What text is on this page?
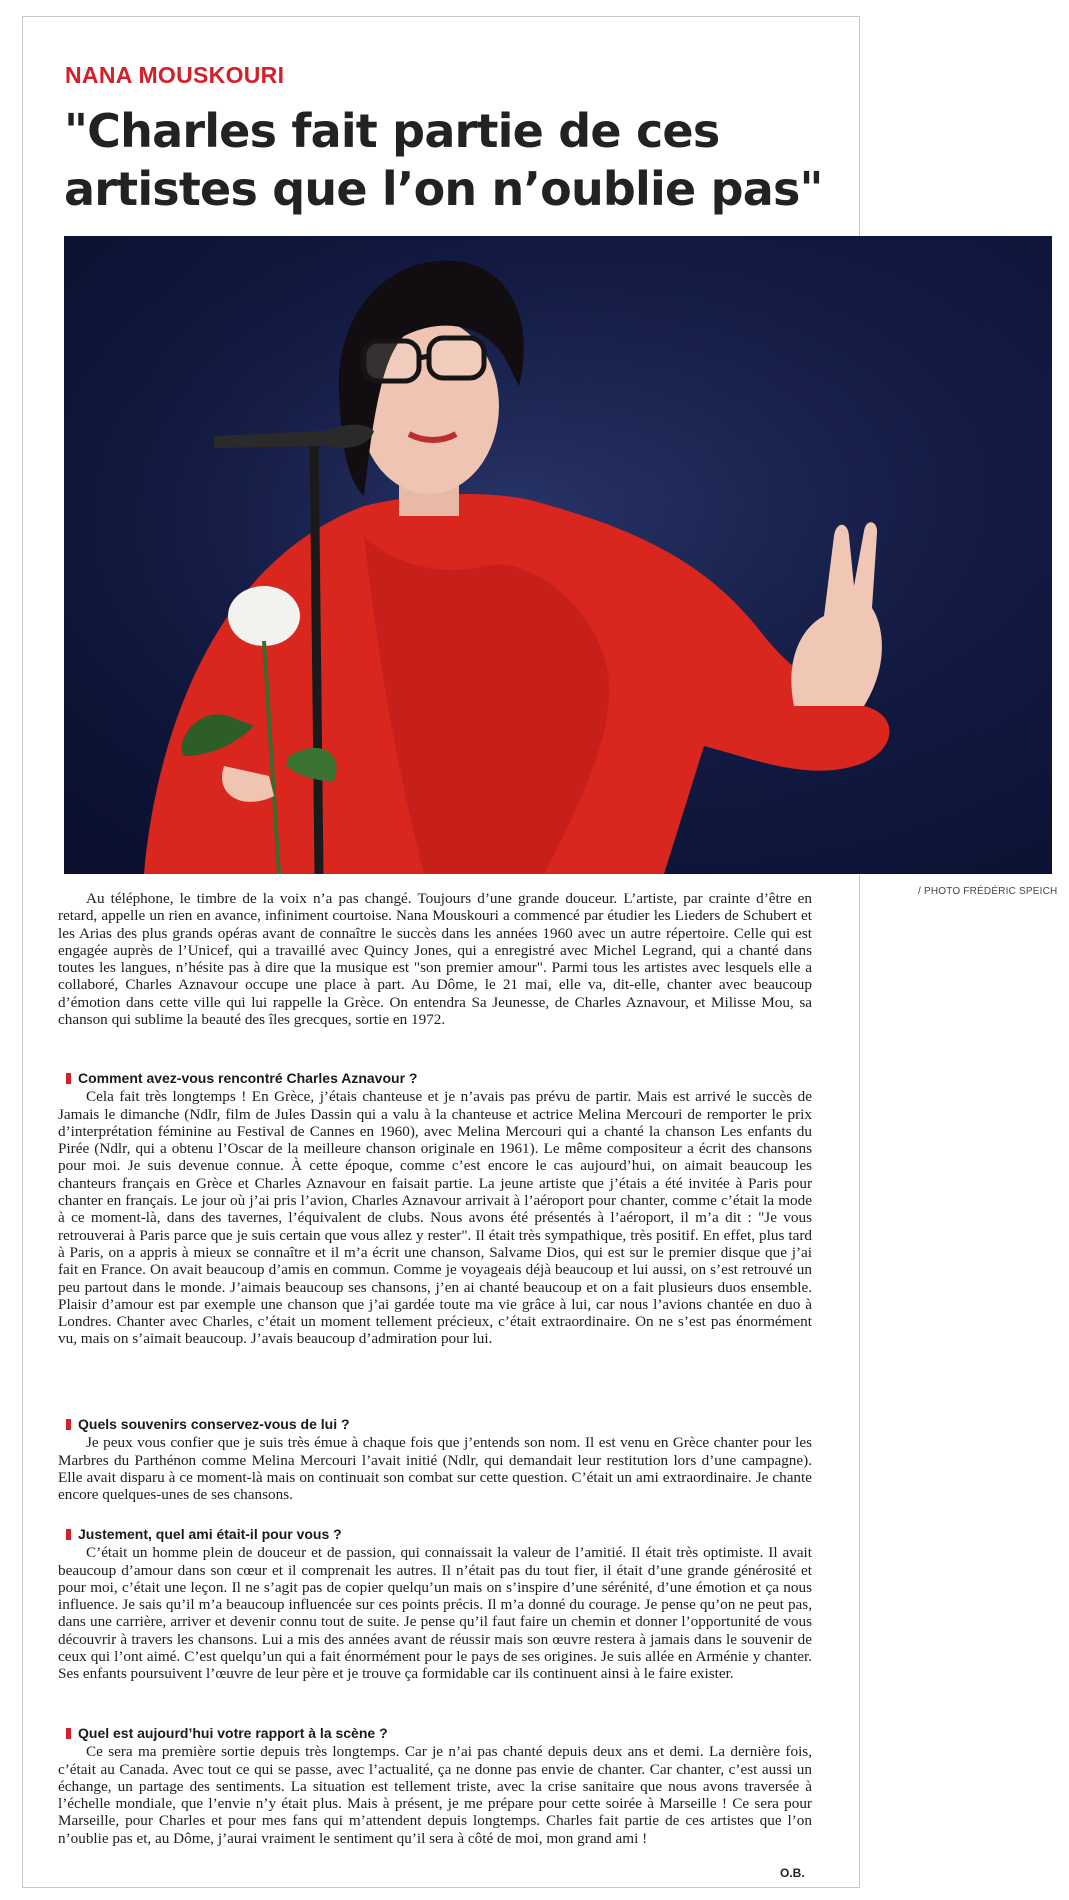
NANA MOUSKOURI
"Charles fait partie de ces artistes que l’on n’oublie pas"
/ PHOTO FRÉDÉRIC SPEICH

Au téléphone, le timbre de la voix n’a pas changé. Toujours d’une grande douceur. L’artiste, par crainte d’être en retard, appelle un rien en avance, infiniment courtoise. Nana Mouskouri a commencé par étudier les Lieders de Schubert et les Arias des plus grands opéras avant de connaître le succès dans les années 1960 avec un autre répertoire. Celle qui est engagée auprès de l’Unicef, qui a travaillé avec Quincy Jones, qui a enregistré avec Michel Legrand, qui a chanté dans toutes les langues, n’hésite pas à dire que la musique est "son premier amour". Parmi tous les artistes avec lesquels elle a collaboré, Charles Aznavour occupe une place à part. Au Dôme, le 21 mai, elle va, dit-elle, chanter avec beaucoup d’émotion dans cette ville qui lui rappelle la Grèce. On entendra Sa Jeunesse, de Charles Aznavour, et Milisse Mou, sa chanson qui sublime la beauté des îles grecques, sortie en 1972.

Comment avez-vous rencontré Charles Aznavour ?

Cela fait très longtemps ! En Grèce, j’étais chanteuse et je n’avais pas prévu de partir. Mais est arrivé le succès de Jamais le dimanche (Ndlr, film de Jules Dassin qui a valu à la chanteuse et actrice Melina Mercouri de remporter le prix d’interprétation féminine au Festival de Cannes en 1960), avec Melina Mercouri qui a chanté la chanson Les enfants du Pirée (Ndlr, qui a obtenu l’Oscar de la meilleure chanson originale en 1961). Le même compositeur a écrit des chansons pour moi. Je suis devenue connue. À cette époque, comme c’est encore le cas aujourd’hui, on aimait beaucoup les chanteurs français en Grèce et Charles Aznavour en faisait partie. La jeune artiste que j’étais a été invitée à Paris pour chanter en français. Le jour où j’ai pris l’avion, Charles Aznavour arrivait à l’aéroport pour chanter, comme c’était la mode à ce moment-là, dans des tavernes, l’équivalent de clubs. Nous avons été présentés à l’aéroport, il m’a dit : "Je vous retrouverai à Paris parce que je suis certain que vous allez y rester". Il était très sympathique, très positif. En effet, plus tard à Paris, on a appris à mieux se connaître et il m’a écrit une chanson, Salvame Dios, qui est sur le premier disque que j’ai fait en France. On avait beaucoup d’amis en commun. Comme je voyageais déjà beaucoup et lui aussi, on s’est retrouvé un peu partout dans le monde. J’aimais beaucoup ses chansons, j’en ai chanté beaucoup et on a fait plusieurs duos ensemble. Plaisir d’amour est par exemple une chanson que j’ai gardée toute ma vie grâce à lui, car nous l’avions chantée en duo à Londres. Chanter avec Charles, c’était un moment tellement précieux, c’était extraordinaire. On ne s’est pas énormément vu, mais on s’aimait beaucoup. J’avais beaucoup d’admiration pour lui.

Quels souvenirs conservez-vous de lui ?

Je peux vous confier que je suis très émue à chaque fois que j’entends son nom. Il est venu en Grèce chanter pour les Marbres du Parthénon comme Melina Mercouri l’avait initié (Ndlr, qui demandait leur restitution lors d’une campagne). Elle avait disparu à ce moment-là mais on continuait son combat sur cette question. C’était un ami extraordinaire. Je chante encore quelques-unes de ses chansons.

Justement, quel ami était-il pour vous ?

C’était un homme plein de douceur et de passion, qui connaissait la valeur de l’amitié. Il était très optimiste. Il avait beaucoup d’amour dans son cœur et il comprenait les autres. Il n’était pas du tout fier, il était d’une grande générosité et pour moi, c’était une leçon. Il ne s’agit pas de copier quelqu’un mais on s’inspire d’une sérénité, d’une émotion et ça nous influence. Je sais qu’il m’a beaucoup influencée sur ces points précis. Il m’a donné du courage. Je pense qu’on ne peut pas, dans une carrière, arriver et devenir connu tout de suite. Je pense qu’il faut faire un chemin et donner l’opportunité de vous découvrir à travers les chansons. Lui a mis des années avant de réussir mais son œuvre restera à jamais dans le souvenir de ceux qui l’ont aimé. C’est quelqu’un qui a fait énormément pour le pays de ses origines. Je suis allée en Arménie y chanter. Ses enfants poursuivent l’œuvre de leur père et je trouve ça formidable car ils continuent ainsi à le faire exister.

Quel est aujourd’hui votre rapport à la scène ?

Ce sera ma première sortie depuis très longtemps. Car je n’ai pas chanté depuis deux ans et demi. La dernière fois, c’était au Canada. Avec tout ce qui se passe, avec l’actualité, ça ne donne pas envie de chanter. Car chanter, c’est aussi un échange, un partage des sentiments. La situation est tellement triste, avec la crise sanitaire que nous avons traversée à l’échelle mondiale, que l’envie n’y était plus. Mais à présent, je me prépare pour cette soirée à Marseille ! Ce sera pour Marseille, pour Charles et pour mes fans qui m’attendent depuis longtemps. Charles fait partie de ces artistes que l’on n’oublie pas et, au Dôme, j’aurai vraiment le sentiment qu’il sera à côté de moi, mon grand ami !

O.B.
